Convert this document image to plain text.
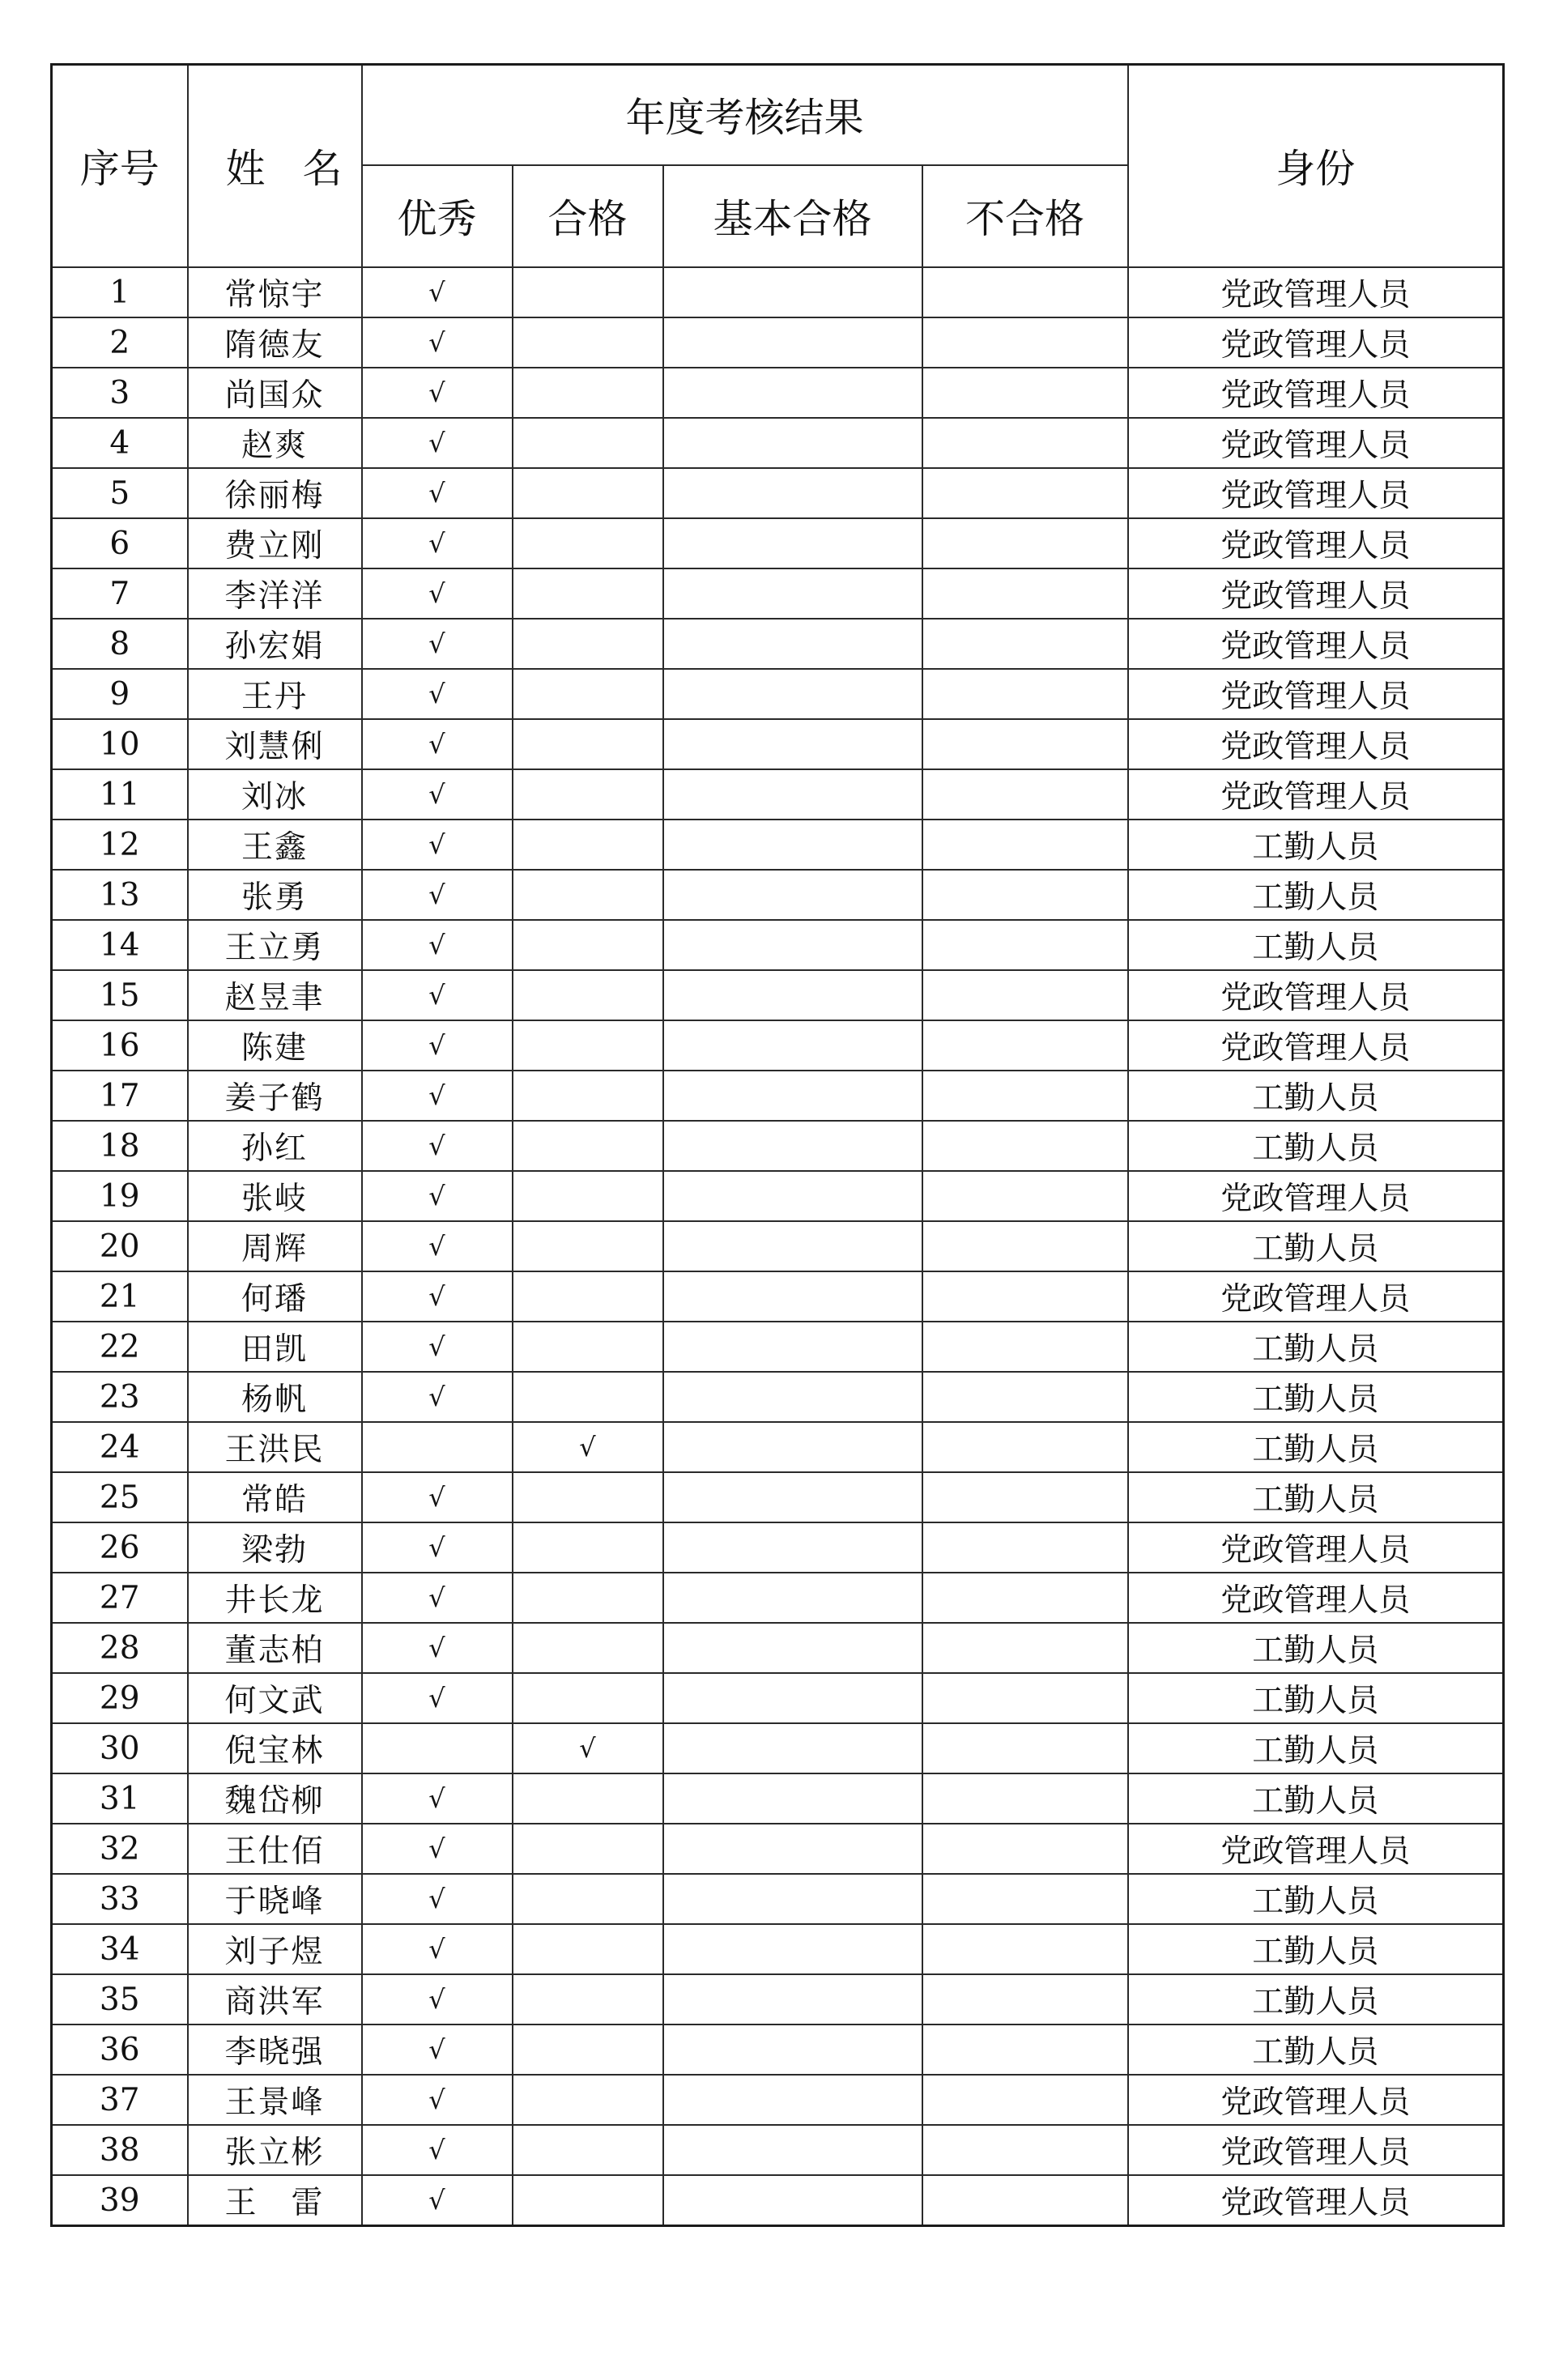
序号	姓名	年度考核结果				身份
		优秀	合格	基本合格	不合格	
1	常惊宇	√				党政管理人员
2	隋德友	√				党政管理人员
3	尚国众	√				党政管理人员
4	赵爽	√				党政管理人员
5	徐丽梅	√				党政管理人员
6	费立刚	√				党政管理人员
7	李洋洋	√				党政管理人员
8	孙宏娟	√				党政管理人员
9	王丹	√				党政管理人员
10	刘慧俐	√				党政管理人员
11	刘冰	√				党政管理人员
12	王鑫	√				工勤人员
13	张勇	√				工勤人员
14	王立勇	√				工勤人员
15	赵昱聿	√				党政管理人员
16	陈建	√				党政管理人员
17	姜子鹤	√				工勤人员
18	孙红	√				工勤人员
19	张岐	√				党政管理人员
20	周辉	√				工勤人员
21	何璠	√				党政管理人员
22	田凯	√				工勤人员
23	杨帆	√				工勤人员
24	王洪民		√			工勤人员
25	常皓	√				工勤人员
26	梁勃	√				党政管理人员
27	井长龙	√				党政管理人员
28	董志柏	√				工勤人员
29	何文武	√				工勤人员
30	倪宝林		√			工勤人员
31	魏岱柳	√				工勤人员
32	王仕佰	√				党政管理人员
33	于晓峰	√				工勤人员
34	刘子煜	√				工勤人员
35	商洪军	√				工勤人员
36	李晓强	√				工勤人员
37	王景峰	√				党政管理人员
38	张立彬	√				党政管理人员
39	王　雷	√				党政管理人员
